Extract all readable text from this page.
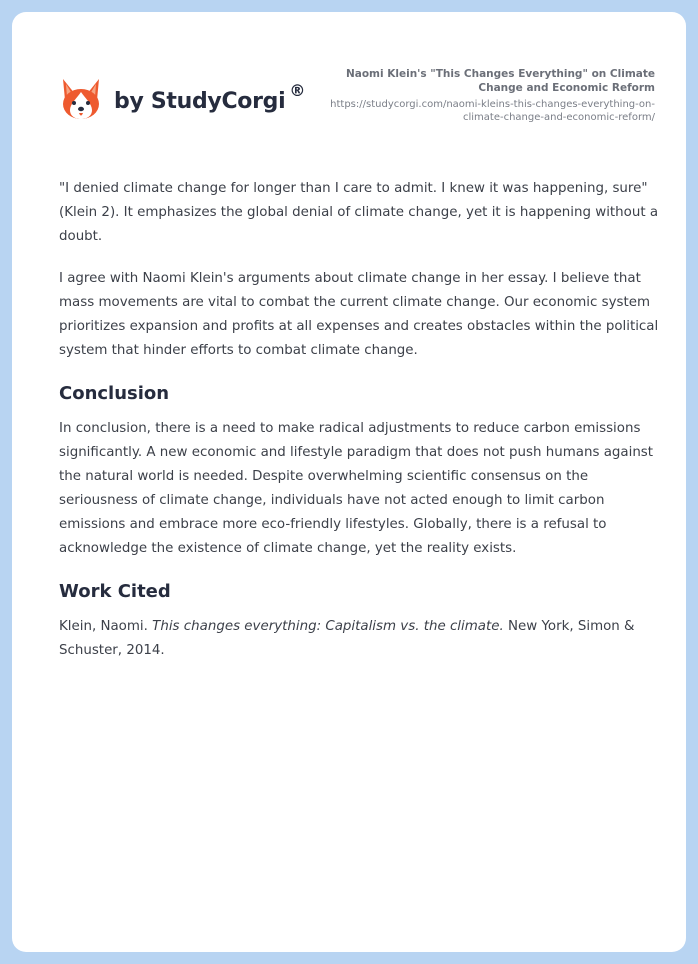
by StudyCorgi ®
Naomi Klein's "This Changes Everything" on Climate Change and Economic Reform
https://studycorgi.com/naomi-kleins-this-changes-everything-on-climate-change-and-economic-reform/

"I denied climate change for longer than I care to admit. I knew it was happening, sure" (Klein 2). It emphasizes the global denial of climate change, yet it is happening without a doubt.

I agree with Naomi Klein's arguments about climate change in her essay. I believe that mass movements are vital to combat the current climate change. Our economic system prioritizes expansion and profits at all expenses and creates obstacles within the political system that hinder efforts to combat climate change.

Conclusion

In conclusion, there is a need to make radical adjustments to reduce carbon emissions significantly. A new economic and lifestyle paradigm that does not push humans against the natural world is needed. Despite overwhelming scientific consensus on the seriousness of climate change, individuals have not acted enough to limit carbon emissions and embrace more eco-friendly lifestyles. Globally, there is a refusal to acknowledge the existence of climate change, yet the reality exists.

Work Cited

Klein, Naomi. This changes everything: Capitalism vs. the climate. New York, Simon & Schuster, 2014.
